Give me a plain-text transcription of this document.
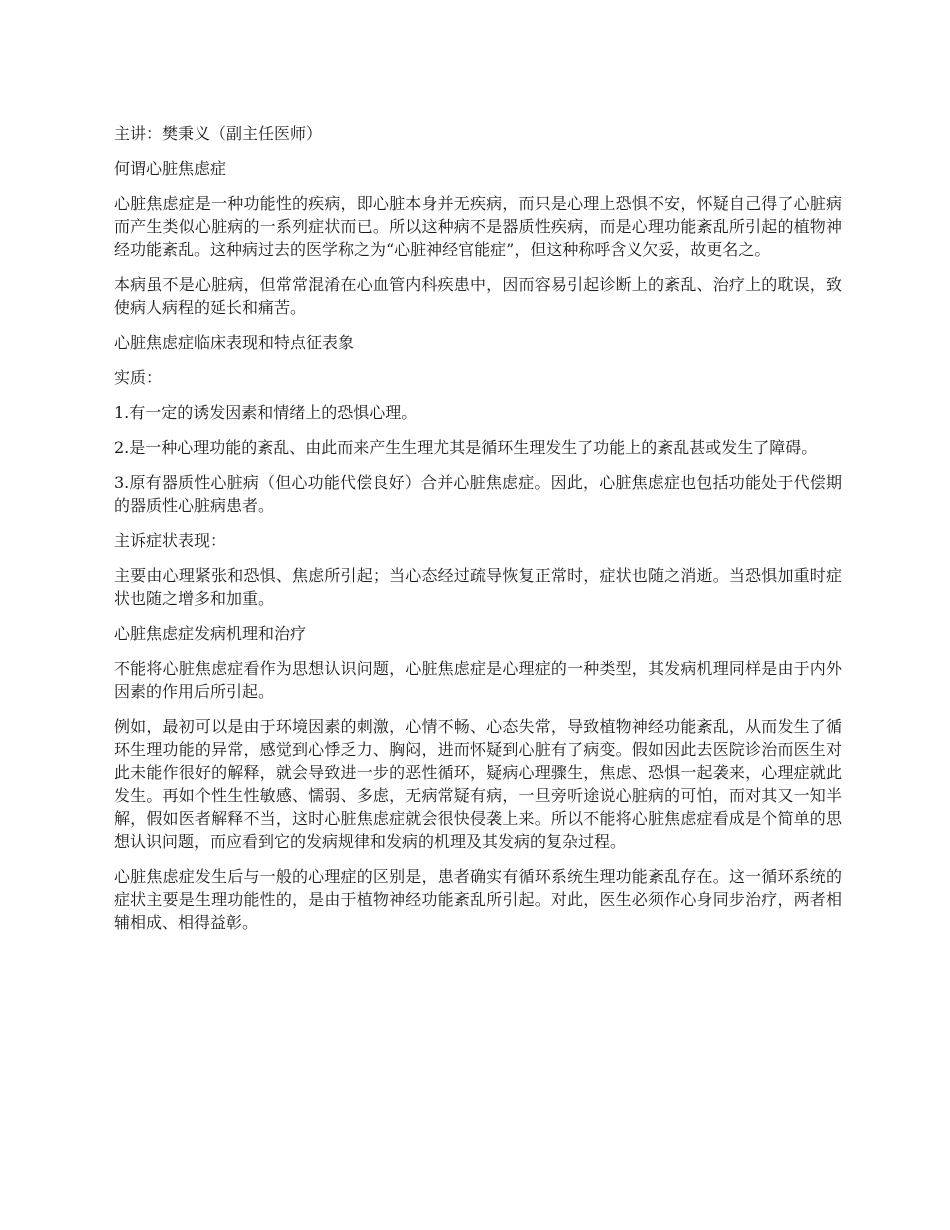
主讲：樊秉义（副主任医师）

何谓心脏焦虑症

心脏焦虑症是一种功能性的疾病，即心脏本身并无疾病，而只是心理上恐惧不安，怀疑自己得了心脏病而产生类似心脏病的一系列症状而已。所以这种病不是器质性疾病，而是心理功能紊乱所引起的植物神经功能紊乱。这种病过去的医学称之为“心脏神经官能症”，但这种称呼含义欠妥，故更名之。

本病虽不是心脏病，但常常混淆在心血管内科疾患中，因而容易引起诊断上的紊乱、治疗上的耽误，致使病人病程的延长和痛苦。

心脏焦虑症临床表现和特点征表象

实质：

1.有一定的诱发因素和情绪上的恐惧心理。

2.是一种心理功能的紊乱、由此而来产生生理尤其是循环生理发生了功能上的紊乱甚或发生了障碍。

3.原有器质性心脏病（但心功能代偿良好）合并心脏焦虑症。因此，心脏焦虑症也包括功能处于代偿期的器质性心脏病患者。

主诉症状表现：

主要由心理紧张和恐惧、焦虑所引起；当心态经过疏导恢复正常时，症状也随之消逝。当恐惧加重时症状也随之增多和加重。

心脏焦虑症发病机理和治疗

不能将心脏焦虑症看作为思想认识问题，心脏焦虑症是心理症的一种类型，其发病机理同样是由于内外因素的作用后所引起。

例如，最初可以是由于环境因素的刺激，心情不畅、心态失常，导致植物神经功能紊乱，从而发生了循环生理功能的异常，感觉到心悸乏力、胸闷，进而怀疑到心脏有了病变。假如因此去医院诊治而医生对此未能作很好的解释，就会导致进一步的恶性循环，疑病心理骤生，焦虑、恐惧一起袭来，心理症就此发生。再如个性生性敏感、懦弱、多虑，无病常疑有病，一旦旁听途说心脏病的可怕，而对其又一知半解，假如医者解释不当，这时心脏焦虑症就会很快侵袭上来。所以不能将心脏焦虑症看成是个简单的思想认识问题，而应看到它的发病规律和发病的机理及其发病的复杂过程。

心脏焦虑症发生后与一般的心理症的区别是，患者确实有循环系统生理功能紊乱存在。这一循环系统的症状主要是生理功能性的，是由于植物神经功能紊乱所引起。对此，医生必须作心身同步治疗，两者相辅相成、相得益彰。
